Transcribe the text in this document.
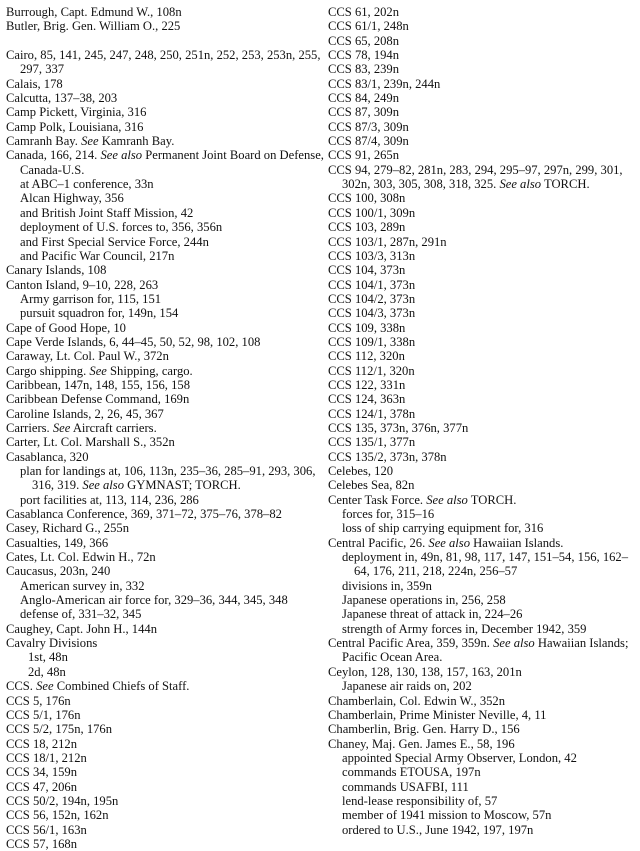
Burrough, Capt. Edmund W., 108n
Butler, Brig. Gen. William O., 225
Cairo, 85, 141, 245, 247, 248, 250, 251n, 252, 253, 253n, 255, 297, 337
Calais, 178
Calcutta, 137–38, 203
Camp Pickett, Virginia, 316
Camp Polk, Louisiana, 316
Camranh Bay. See Kamranh Bay.
Canada, 166, 214. See also Permanent Joint Board on Defense, Canada-U.S.
at ABC–1 conference, 33n
Alcan Highway, 356
and British Joint Staff Mission, 42
deployment of U.S. forces to, 356, 356n
and First Special Service Force, 244n
and Pacific War Council, 217n
Canary Islands, 108
Canton Island, 9–10, 228, 263
Army garrison for, 115, 151
pursuit squadron for, 149n, 154
Cape of Good Hope, 10
Cape Verde Islands, 6, 44–45, 50, 52, 98, 102, 108
Caraway, Lt. Col. Paul W., 372n
Cargo shipping. See Shipping, cargo.
Caribbean, 147n, 148, 155, 156, 158
Caribbean Defense Command, 169n
Caroline Islands, 2, 26, 45, 367
Carriers. See Aircraft carriers.
Carter, Lt. Col. Marshall S., 352n
Casablanca, 320
plan for landings at, 106, 113n, 235–36, 285–91, 293, 306, 316, 319. See also GYMNAST; TORCH.
port facilities at, 113, 114, 236, 286
Casablanca Conference, 369, 371–72, 375–76, 378–82
Casey, Richard G., 255n
Casualties, 149, 366
Cates, Lt. Col. Edwin H., 72n
Caucasus, 203n, 240
American survey in, 332
Anglo-American air force for, 329–36, 344, 345, 348
defense of, 331–32, 345
Caughey, Capt. John H., 144n
Cavalry Divisions
1st, 48n
2d, 48n
CCS. See Combined Chiefs of Staff.
CCS 5, 176n
CCS 5/1, 176n
CCS 5/2, 175n, 176n
CCS 18, 212n
CCS 18/1, 212n
CCS 34, 159n
CCS 47, 206n
CCS 50/2, 194n, 195n
CCS 56, 152n, 162n
CCS 56/1, 163n
CCS 57, 168n
CCS 61, 202n
CCS 61/1, 248n
CCS 65, 208n
CCS 78, 194n
CCS 83, 239n
CCS 83/1, 239n, 244n
CCS 84, 249n
CCS 87, 309n
CCS 87/3, 309n
CCS 87/4, 309n
CCS 91, 265n
CCS 94, 279–82, 281n, 283, 294, 295–97, 297n, 299, 301, 302n, 303, 305, 308, 318, 325. See also TORCH.
CCS 100, 308n
CCS 100/1, 309n
CCS 103, 289n
CCS 103/1, 287n, 291n
CCS 103/3, 313n
CCS 104, 373n
CCS 104/1, 373n
CCS 104/2, 373n
CCS 104/3, 373n
CCS 109, 338n
CCS 109/1, 338n
CCS 112, 320n
CCS 112/1, 320n
CCS 122, 331n
CCS 124, 363n
CCS 124/1, 378n
CCS 135, 373n, 376n, 377n
CCS 135/1, 377n
CCS 135/2, 373n, 378n
Celebes, 120
Celebes Sea, 82n
Center Task Force. See also TORCH.
forces for, 315–16
loss of ship carrying equipment for, 316
Central Pacific, 26. See also Hawaiian Islands.
deployment in, 49n, 81, 98, 117, 147, 151–54, 156, 162–64, 176, 211, 218, 224n, 256–57
divisions in, 359n
Japanese operations in, 256, 258
Japanese threat of attack in, 224–26
strength of Army forces in, December 1942, 359
Central Pacific Area, 359, 359n. See also Hawaiian Islands; Pacific Ocean Area.
Ceylon, 128, 130, 138, 157, 163, 201n
Japanese air raids on, 202
Chamberlain, Col. Edwin W., 352n
Chamberlain, Prime Minister Neville, 4, 11
Chamberlin, Brig. Gen. Harry D., 156
Chaney, Maj. Gen. James E., 58, 196
appointed Special Army Observer, London, 42
commands ETOUSA, 197n
commands USAFBI, 111
lend-lease responsibility of, 57
member of 1941 mission to Moscow, 57n
ordered to U.S., June 1942, 197, 197n
